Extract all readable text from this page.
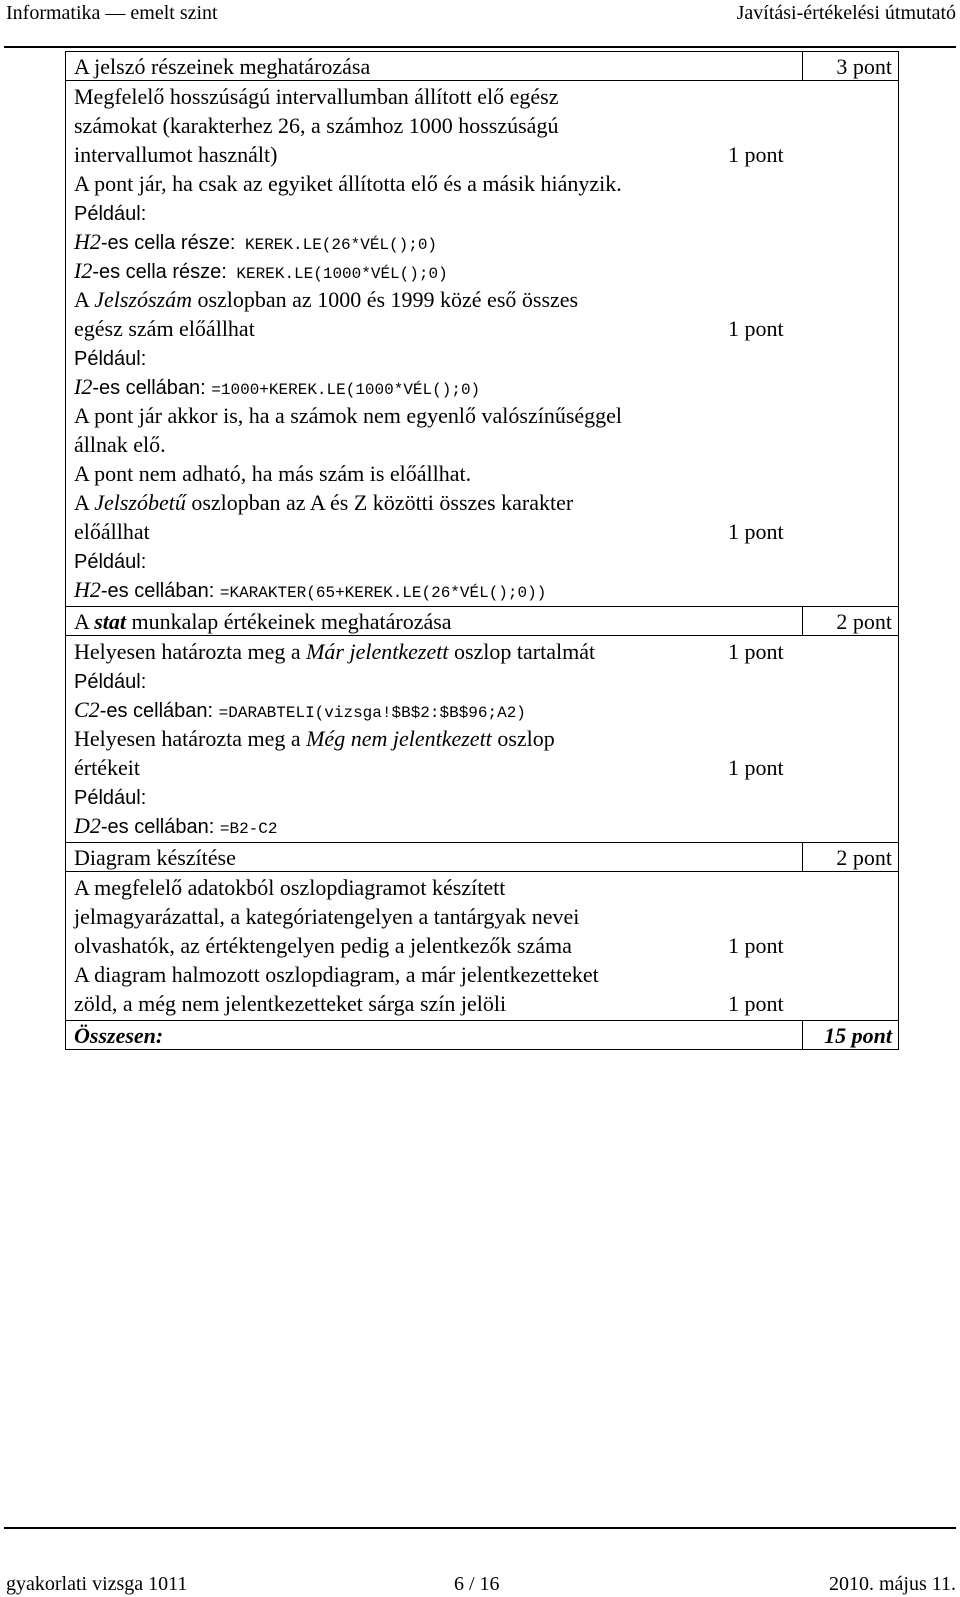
Informatika — emelt szint	Javítási-értékelési útmutató
A jelszó részeinek meghatározása	3 pont
Megfelelő hosszúságú intervallumban állított elő egész
számokat (karakterhez 26, a számhoz 1000 hosszúságú
intervallumot használt)	1 pont
A pont jár, ha csak az egyiket állította elő és a másik hiányzik.
Például:
H2-es cella része: KEREK.LE(26*VÉL();0)
I2-es cella része: KEREK.LE(1000*VÉL();0)
A Jelszószám oszlopban az 1000 és 1999 közé eső összes
egész szám előállhat	1 pont
Például:
I2-es cellában: =1000+KEREK.LE(1000*VÉL();0)
A pont jár akkor is, ha a számok nem egyenlő valószínűséggel
állnak elő.
A pont nem adható, ha más szám is előállhat.
A Jelszóbetű oszlopban az A és Z közötti összes karakter
előállhat	1 pont
Például:
H2-es cellában: =KARAKTER(65+KEREK.LE(26*VÉL();0))
A stat munkalap értékeinek meghatározása	2 pont
Helyesen határozta meg a Már jelentkezett oszlop tartalmát	1 pont
Például:
C2-es cellában: =DARABTELI(vizsga!$B$2:$B$96;A2)
Helyesen határozta meg a Még nem jelentkezett oszlop
értékeit	1 pont
Például:
D2-es cellában: =B2-C2
Diagram készítése	2 pont
A megfelelő adatokból oszlopdiagramot készített
jelmagyarázattal, a kategóriatengelyen a tantárgyak nevei
olvashatók, az értéktengelyen pedig a jelentkezők száma	1 pont
A diagram halmozott oszlopdiagram, a már jelentkezetteket
zöld, a még nem jelentkezetteket sárga szín jelöli	1 pont
Összesen:	15 pont
gyakorlati vizsga 1011	6 / 16	2010. május 11.
